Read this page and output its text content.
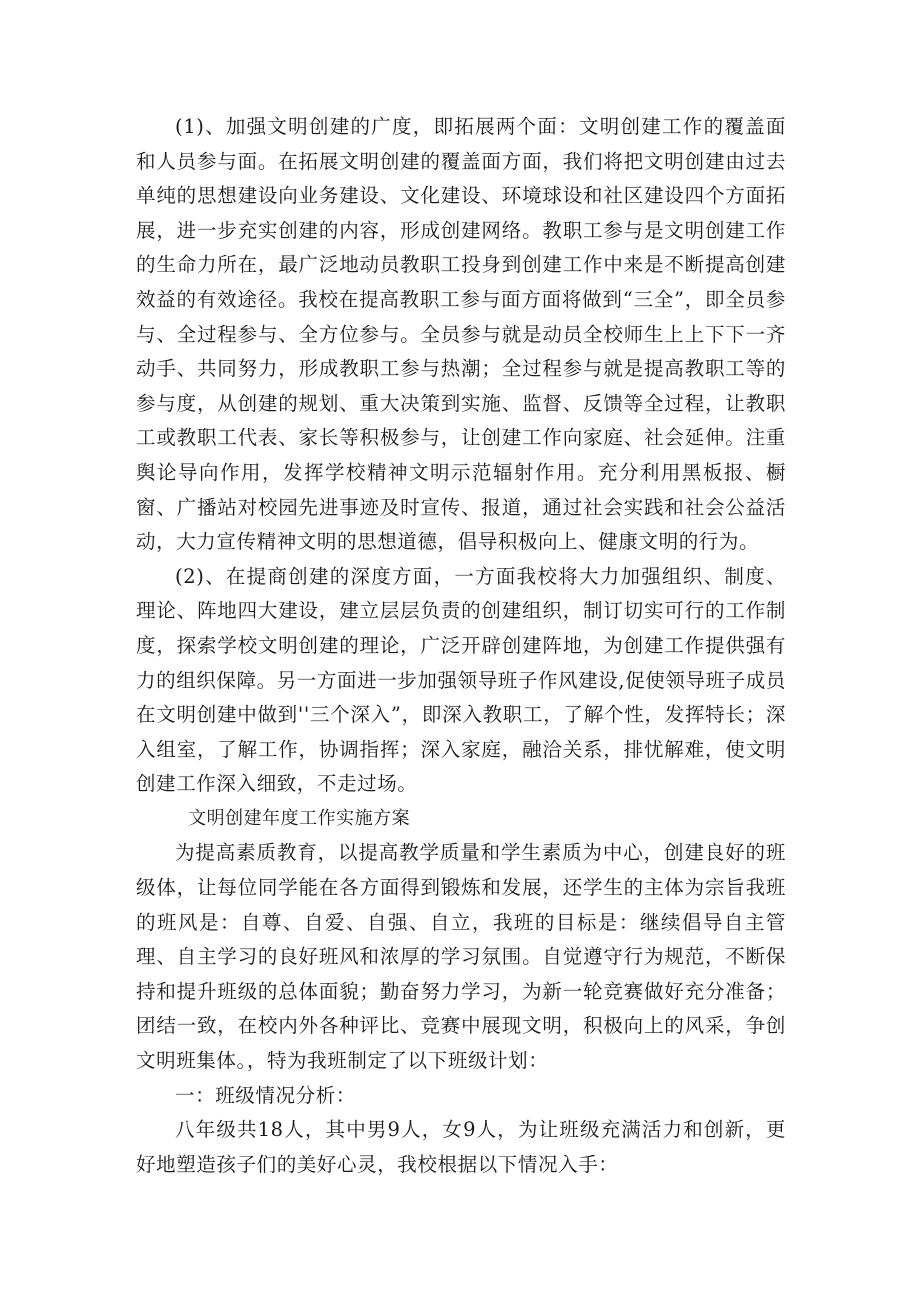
(1)、加强文明创建的广度，即拓展两个面：文明创建工作的覆盖面和人员参与面。在拓展文明创建的覆盖面方面，我们将把文明创建由过去单纯的思想建设向业务建设、文化建设、环境球设和社区建设四个方面拓展，进一步充实创建的内容，形成创建网络。教职工参与是文明创建工作的生命力所在，最广泛地动员教职工投身到创建工作中来是不断提高创建效益的有效途径。我校在提高教职工参与面方面将做到“三全”，即全员参与、全过程参与、全方位参与。全员参与就是动员全校师生上上下下一齐动手、共同努力，形成教职工参与热潮；全过程参与就是提高教职工等的参与度，从创建的规划、重大决策到实施、监督、反馈等全过程，让教职工或教职工代表、家长等积极参与，让创建工作向家庭、社会延伸。注重舆论导向作用，发挥学校精神文明示范辐射作用。充分利用黑板报、橱窗、广播站对校园先进事迹及时宣传、报道，通过社会实践和社会公益活动，大力宣传精神文明的思想道德，倡导积极向上、健康文明的行为。

(2)、在提商创建的深度方面，一方面我校将大力加强组织、制度、理论、阵地四大建设，建立层层负责的创建组织，制订切实可行的工作制度，探索学校文明创建的理论，广泛开辟创建阵地，为创建工作提供强有力的组织保障。另一方面进一步加强领导班子作风建设,促使领导班子成员在文明创建中做到''三个深入”，即深入教职工，了解个性，发挥特长；深入组室，了解工作，协调指挥；深入家庭，融洽关系，排忧解难，使文明创建工作深入细致，不走过场。

文明创建年度工作实施方案

为提高素质教育，以提高教学质量和学生素质为中心，创建良好的班级体，让每位同学能在各方面得到锻炼和发展，还学生的主体为宗旨我班的班风是：自尊、自爱、自强、自立，我班的目标是：继续倡导自主管理、自主学习的良好班风和浓厚的学习氛围。自觉遵守行为规范，不断保持和提升班级的总体面貌；勤奋努力学习，为新一轮竞赛做好充分准备；团结一致，在校内外各种评比、竞赛中展现文明，积极向上的风采，争创文明班集体。，特为我班制定了以下班级计划：

一：班级情况分析：

八年级共18人，其中男9人，女9人，为让班级充满活力和创新，更好地塑造孩子们的美好心灵，我校根据以下情况入手：
